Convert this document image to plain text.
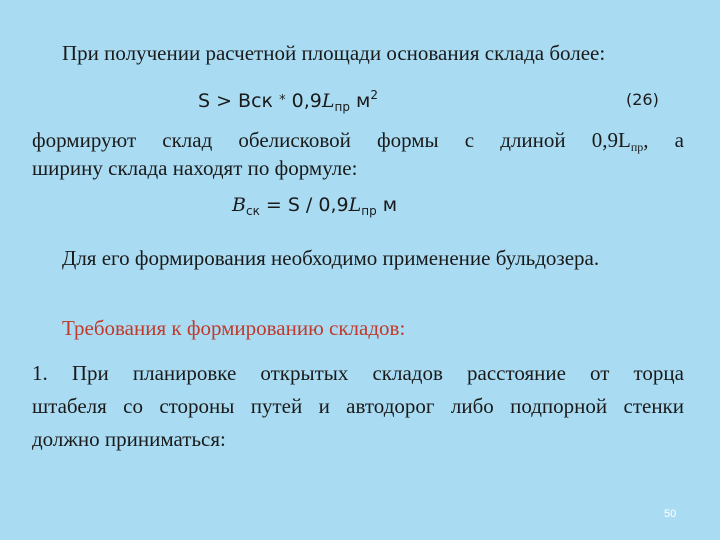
При получении расчетной площади основания склада более:
S > Bск * $0,9L_{пр}$ $м^2$	(26)
формируют склад обелисковой формы с длиной $0,9L_{пр}$, а
ширину склада находят по формуле:
$B_{ск} = S / 0,9L_{пр}$ м
Для его формирования необходимо применение бульдозера.
Требования к формированию складов:
1. При планировке открытых складов расстояние от торца
штабеля со стороны путей и автодорог либо подпорной стенки
должно приниматься:
50
